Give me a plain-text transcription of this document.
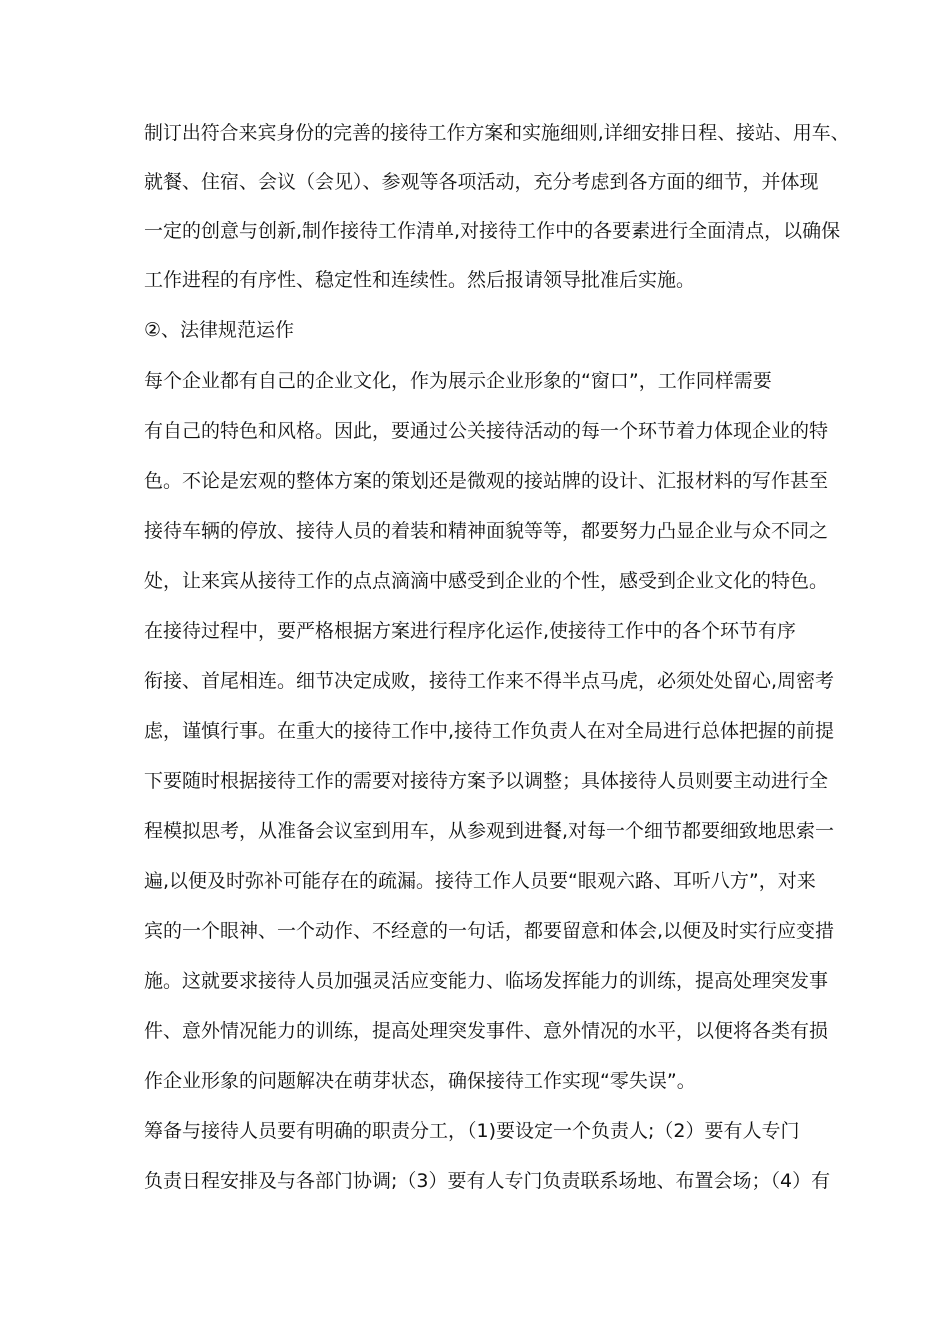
制订出符合来宾身份的完善的接待工作方案和实施细则,详细安排日程、接站、用车、
就餐、住宿、会议（会见）、参观等各项活动，充分考虑到各方面的细节，并体现
一定的创意与创新,制作接待工作清单,对接待工作中的各要素进行全面清点，以确保
工作进程的有序性、稳定性和连续性。然后报请领导批准后实施。
②、法律规范运作
每个企业都有自己的企业文化，作为展示企业形象的“窗口”，工作同样需要
有自己的特色和风格。因此，要通过公关接待活动的每一个环节着力体现企业的特
色。不论是宏观的整体方案的策划还是微观的接站牌的设计、汇报材料的写作甚至
接待车辆的停放、接待人员的着装和精神面貌等等，都要努力凸显企业与众不同之
处，让来宾从接待工作的点点滴滴中感受到企业的个性，感受到企业文化的特色。
在接待过程中，要严格根据方案进行程序化运作,使接待工作中的各个环节有序
衔接、首尾相连。细节决定成败，接待工作来不得半点马虎，必须处处留心,周密考
虑，谨慎行事。在重大的接待工作中,接待工作负责人在对全局进行总体把握的前提
下要随时根据接待工作的需要对接待方案予以调整；具体接待人员则要主动进行全
程模拟思考，从准备会议室到用车，从参观到进餐,对每一个细节都要细致地思索一
遍,以便及时弥补可能存在的疏漏。接待工作人员要“眼观六路、耳听八方”，对来
宾的一个眼神、一个动作、不经意的一句话，都要留意和体会,以便及时实行应变措
施。这就要求接待人员加强灵活应变能力、临场发挥能力的训练，提高处理突发事
件、意外情况能力的训练，提高处理突发事件、意外情况的水平，以便将各类有损
作企业形象的问题解决在萌芽状态，确保接待工作实现“零失误”。
筹备与接待人员要有明确的职责分工，（1)要设定一个负责人;（2）要有人专门
负责日程安排及与各部门协调;（3）要有人专门负责联系场地、布置会场；（4）有
